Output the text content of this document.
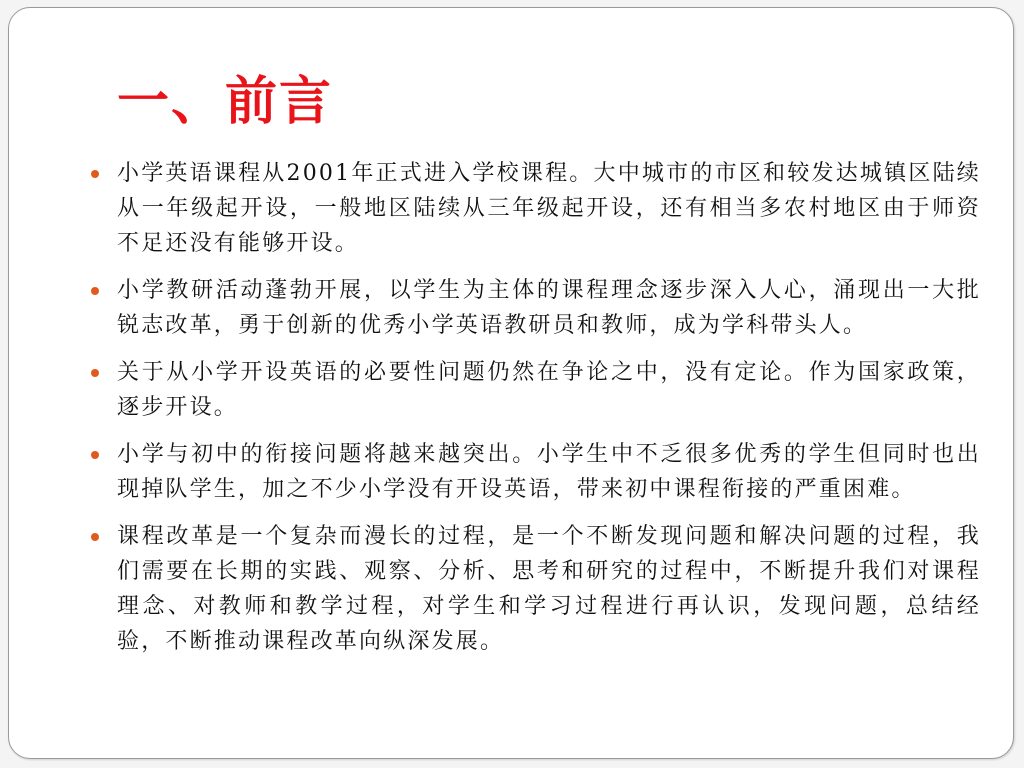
一、前言
小学英语课程从2001年正式进入学校课程。大中城市的市区和较发达城镇区陆续从一年级起开设，一般地区陆续从三年级起开设，还有相当多农村地区由于师资不足还没有能够开设。
小学教研活动蓬勃开展，以学生为主体的课程理念逐步深入人心，涌现出一大批锐志改革，勇于创新的优秀小学英语教研员和教师，成为学科带头人。
关于从小学开设英语的必要性问题仍然在争论之中，没有定论。作为国家政策，逐步开设。
小学与初中的衔接问题将越来越突出。小学生中不乏很多优秀的学生但同时也出现掉队学生，加之不少小学没有开设英语，带来初中课程衔接的严重困难。
课程改革是一个复杂而漫长的过程，是一个不断发现问题和解决问题的过程，我们需要在长期的实践、观察、分析、思考和研究的过程中，不断提升我们对课程理念、对教师和教学过程，对学生和学习过程进行再认识，发现问题，总结经验，不断推动课程改革向纵深发展。
